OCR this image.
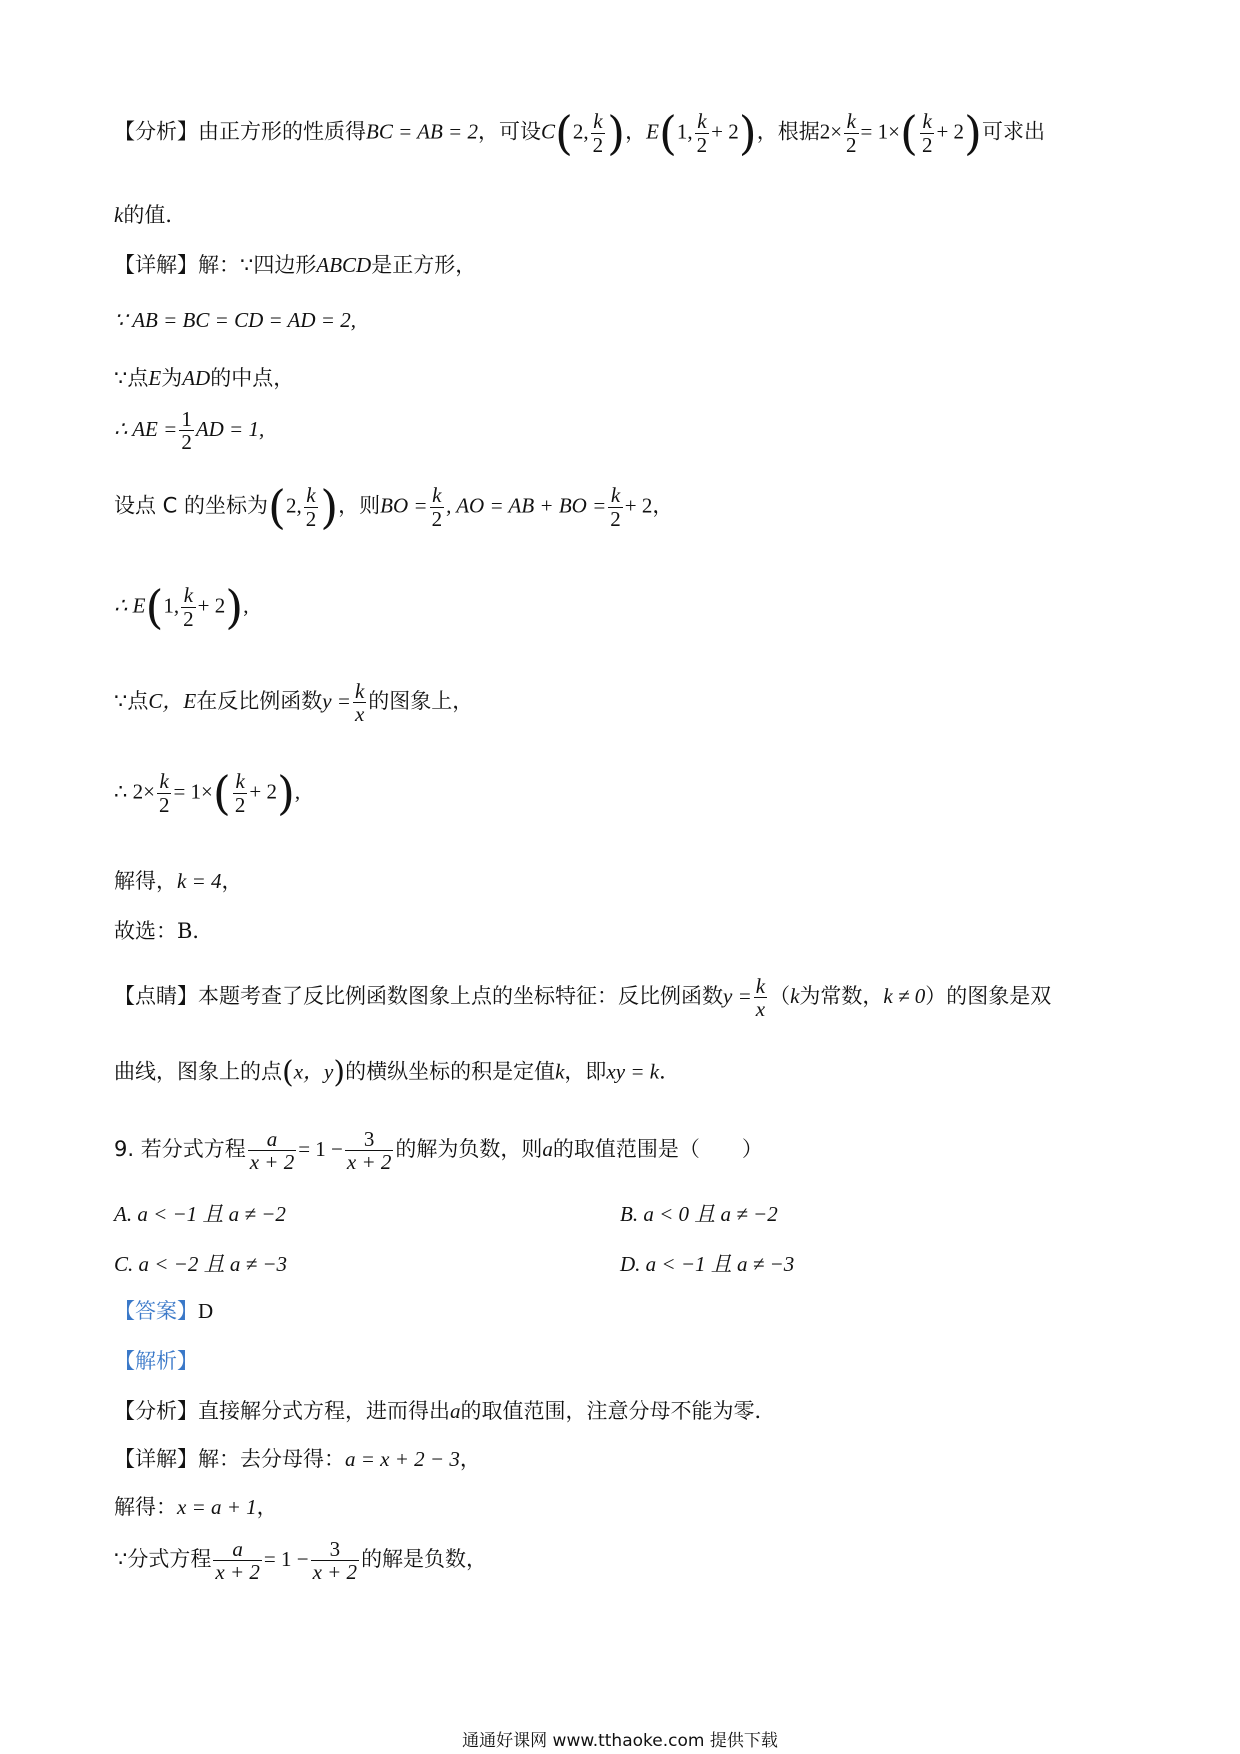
【分析】由正方形的性质得BC = AB = 2，可设C(2, $\frac{k}{2}$ )，E(1, $\frac{k}{2} + 2$)，根据$2\times \frac{k}{2} = 1\times( \frac{k}{2} + 2)$可求出
k的值．
【详解】解：∵四边形ABCD是正方形，
∵ AB = BC = CD = AD = 2,
∵点E为AD的中点，
∴ AE = $\frac{1}{2}$ AD = 1,
设点 C 的坐标为(2, $\frac{k}{2}$ )，则BO = $\frac{k}{2}$ , AO = AB + BO = $\frac{k}{2} + 2$，
∴ E(1, $\frac{k}{2} + 2$),
∵点C，E在反比例函数$y = \frac{k}{x}$ 的图象上，
∴ $2\times \frac{k}{2} = 1\times( \frac{k}{2} + 2)$,
解得，k = 4，
故选：B．
【点睛】本题考查了反比例函数图象上点的坐标特征：反比例函数$y = \frac{k}{x} (k$为常数，k ≠ 0）的图象是双
曲线，图象上的点(x，y)的横纵坐标的积是定值k，即xy = k．
9. 若分式方程 $\frac{a}{x + 2} = 1 - \frac{3}{x + 2}$ 的解为负数，则a的取值范围是（　　）
A. a < −1 且 a ≠ −2	B. a < 0 且 a ≠ −2
C. a < −2 且 a ≠ −3	D. a < −1 且 a ≠ −3
【答案】D
【解析】
【分析】直接解分式方程，进而得出a的取值范围，注意分母不能为零．
【详解】解：去分母得：a = x + 2 − 3，
解得：x = a + 1，
∵分式方程 $\frac{a}{x + 2} = 1 - \frac{3}{x + 2}$ 的解是负数，
通通好课网 www.tthaoke.com 提供下载
